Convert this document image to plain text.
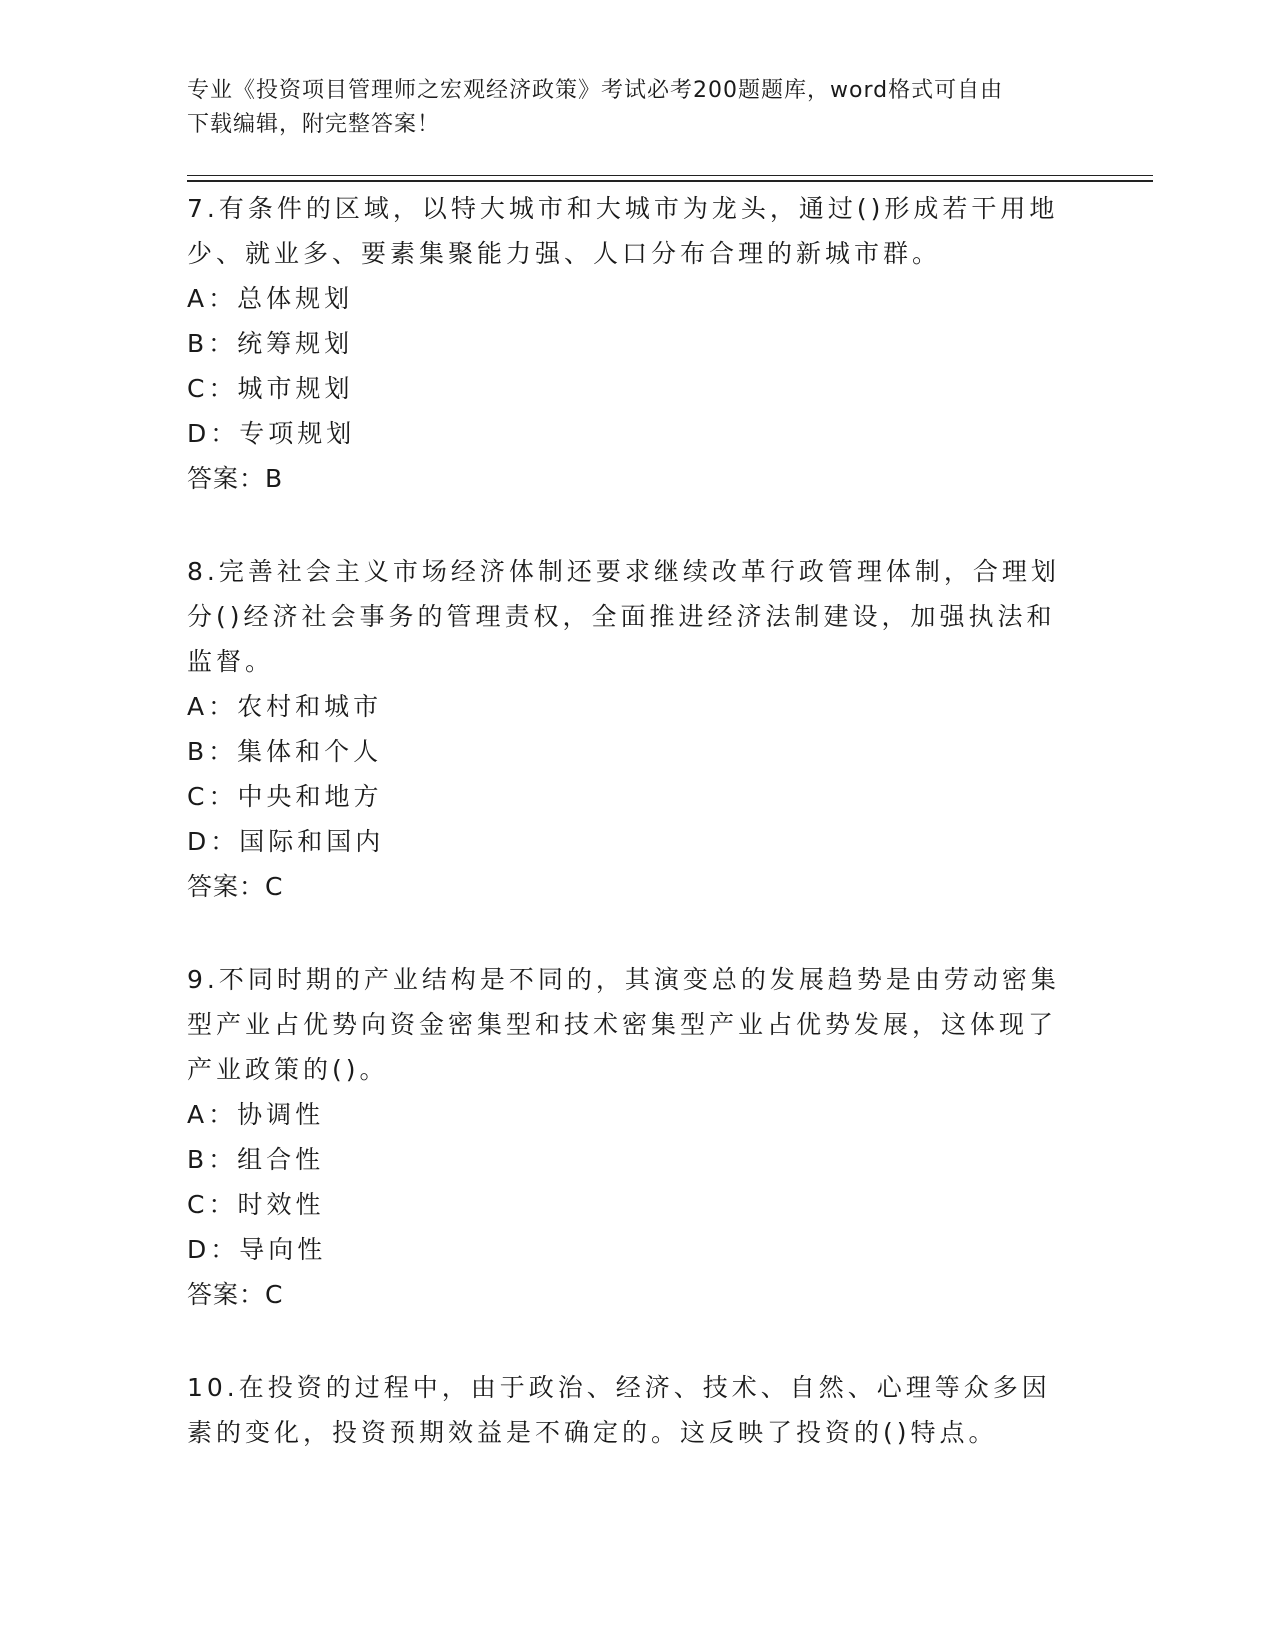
专业《投资项目管理师之宏观经济政策》考试必考200题题库，word格式可自由
下载编辑，附完整答案！

7.有条件的区域，以特大城市和大城市为龙头，通过()形成若干用地少、就业多、要素集聚能力强、人口分布合理的新城市群。

A：总体规划

B：统筹规划

C：城市规划

D：专项规划

答案：B

8.完善社会主义市场经济体制还要求继续改革行政管理体制，合理划分()经济社会事务的管理责权，全面推进经济法制建设，加强执法和监督。

A：农村和城市

B：集体和个人

C：中央和地方

D：国际和国内

答案：C

9.不同时期的产业结构是不同的，其演变总的发展趋势是由劳动密集型产业占优势向资金密集型和技术密集型产业占优势发展，这体现了产业政策的()。

A：协调性

B：组合性

C：时效性

D：导向性

答案：C

10.在投资的过程中，由于政治、经济、技术、自然、心理等众多因素的变化，投资预期效益是不确定的。这反映了投资的()特点。
